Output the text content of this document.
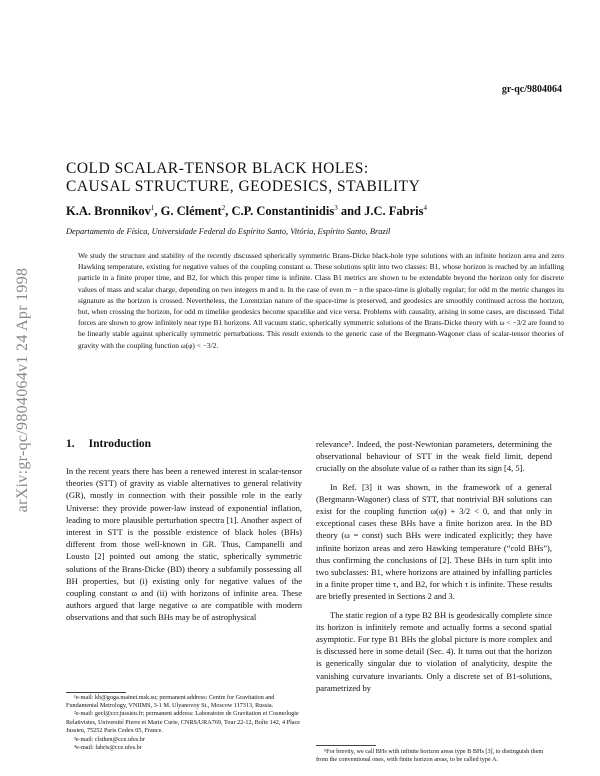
arXiv:gr-qc/9804064v1 24 Apr 1998
gr-qc/9804064
COLD SCALAR-TENSOR BLACK HOLES:
CAUSAL STRUCTURE, GEODESICS, STABILITY
K.A. Bronnikov$^1$, G. Clément$^2$, C.P. Constantinidis$^3$ and J.C. Fabris$^4$
Departamento de Física, Universidade Federal do Espírito Santo, Vitória, Espírito Santo, Brazil
We study the structure and stability of the recently discussed spherically symmetric Brans-Dicke black-hole type solutions with an infinite horizon area and zero Hawking temperature, existing for negative values of the coupling constant ω. These solutions split into two classes: B1, whose horizon is reached by an infalling particle in a finite proper time, and B2, for which this proper time is infinite. Class B1 metrics are shown to be extendable beyond the horizon only for discrete values of mass and scalar charge, depending on two integers m and n. In the case of even m − n the space-time is globally regular; for odd m the metric changes its signature as the horizon is crossed. Nevertheless, the Lorentzian nature of the space-time is preserved, and geodesics are smoothly continued across the horizon, but, when crossing the horizon, for odd m timelike geodesics become spacelike and vice versa. Problems with causality, arising in some cases, are discussed. Tidal forces are shown to grow infinitely near type B1 horizons. All vacuum static, spherically symmetric solutions of the Brans-Dicke theory with ω < −3/2 are found to be linearly stable against spherically symmetric perturbations. This result extends to the generic case of the Bergmann-Wagoner class of scalar-tensor theories of gravity with the coupling function ω(φ) < −3/2.
1. Introduction

In the recent years there has been a renewed interest in scalar-tensor theories (STT) of gravity as viable alternatives to general relativity (GR), mostly in connection with their possible role in the early Universe: they provide power-law instead of exponential inflation, leading to more plausible perturbation spectra [1]. Another aspect of interest in STT is the possible existence of black holes (BHs) different from those well-known in GR. Thus, Campanelli and Lousto [2] pointed out among the static, spherically symmetric solutions of the Brans-Dicke (BD) theory a subfamily possessing all BH properties, but (i) existing only for negative values of the coupling constant ω and (ii) with horizons of infinite area. These authors argued that large negative ω are compatible with modern observations and that such BHs may be of astrophysical

relevance⁵. Indeed, the post-Newtonian parameters, determining the observational behaviour of STT in the weak field limit, depend crucially on the absolute value of ω rather than its sign [4, 5].

In Ref. [3] it was shown, in the framework of a general (Bergmann-Wagoner) class of STT, that nontrivial BH solutions can exist for the coupling function ω(φ) + 3/2 < 0, and that only in exceptional cases these BHs have a finite horizon area. In the BD theory (ω = const) such BHs were indicated explicitly; they have infinite horizon areas and zero Hawking temperature (“cold BHs”), thus confirming the conclusions of [2]. These BHs in turn split into two subclasses: B1, where horizons are attained by infalling particles in a finite proper time τ, and B2, for which τ is infinite. These results are briefly presented in Sections 2 and 3.

The static region of a type B2 BH is geodesically complete since its horizon is infinitely remote and actually forms a second spatial asymptotic. For type B1 BHs the global picture is more complex and is discussed here in some detail (Sec. 4). It turns out that the horizon is generically singular due to violation of analyticity, despite the vanishing curvature invariants. Only a discrete set of B1-solutions, parametrized by

¹e-mail: kb@goga.mainet.msk.su; permanent address: Centre for Gravitation and Fundamental Metrology, VNIIMS, 3-1 M. Ulyanovoy St., Moscow 117313, Russia.
²e-mail: gecl@ccr.jussieu.fr; permanent address: Laboratoire de Gravitation et Cosmologie Relativistes, Université Pierre et Marie Curie, CNRS/URA769, Tour 22-12, Boîte 142, 4 Place Jussieu, 75252 Paris Cedex 05, France.
³e-mail: clsthen@cce.ufes.br
⁴e-mail: fabris@cce.ufes.br
⁵For brevity, we call BHs with infinite horizon areas type B BHs [3], to distinguish them from the conventional ones, with finite horizon areas, to be called type A.
